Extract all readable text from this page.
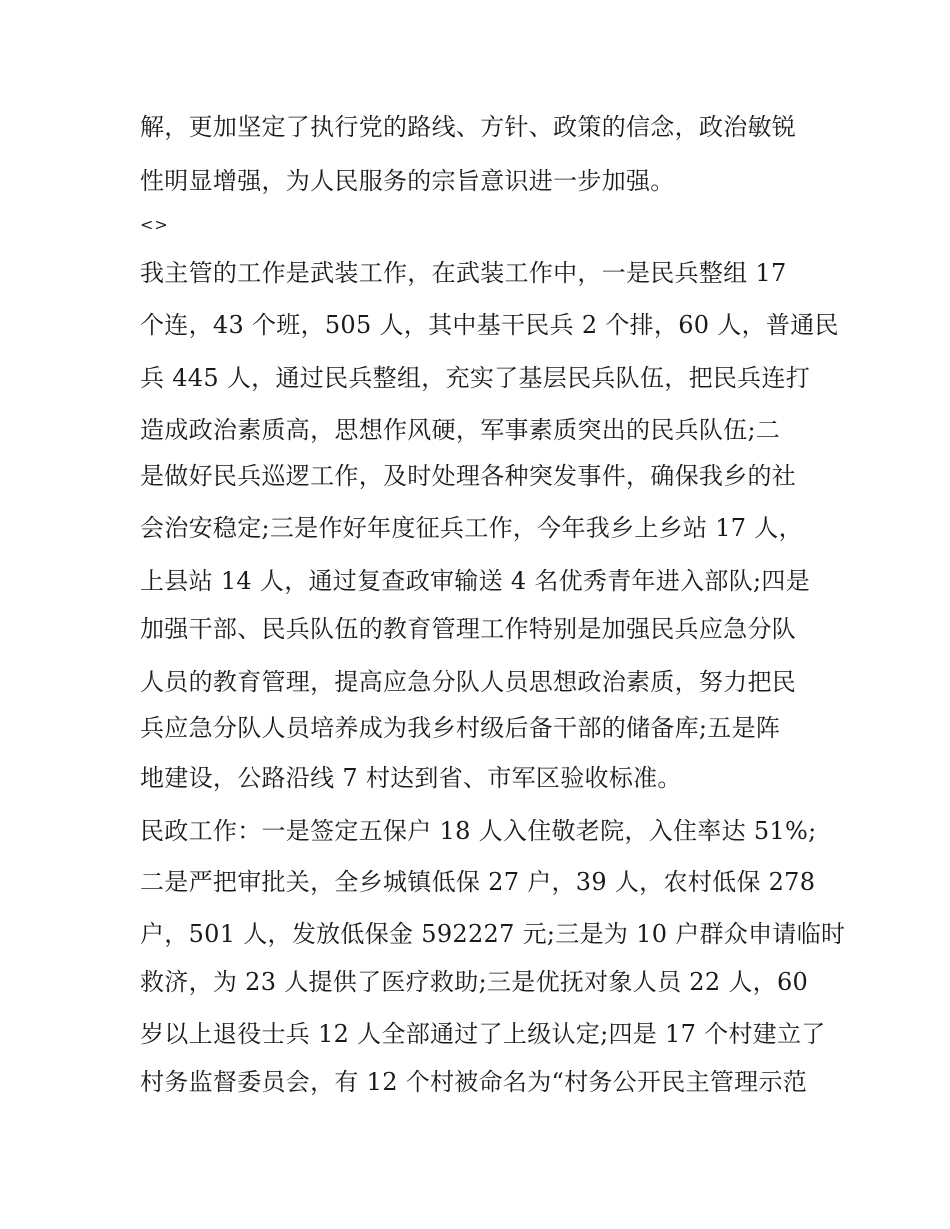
解，更加坚定了执行党的路线、方针、政策的信念，政治敏锐
性明显增强，为人民服务的宗旨意识进一步加强。
<>
我主管的工作是武装工作，在武装工作中，一是民兵整组 17
个连，43 个班，505 人，其中基干民兵 2 个排，60 人，普通民
兵 445 人，通过民兵整组，充实了基层民兵队伍，把民兵连打
造成政治素质高，思想作风硬，军事素质突出的民兵队伍;二
是做好民兵巡逻工作，及时处理各种突发事件，确保我乡的社
会治安稳定;三是作好年度征兵工作，今年我乡上乡站 17 人，
上县站 14 人，通过复查政审输送 4 名优秀青年进入部队;四是
加强干部、民兵队伍的教育管理工作特别是加强民兵应急分队
人员的教育管理，提高应急分队人员思想政治素质，努力把民
兵应急分队人员培养成为我乡村级后备干部的储备库;五是阵
地建设，公路沿线 7 村达到省、市军区验收标准。
民政工作：一是签定五保户 18 人入住敬老院，入住率达 51%;
二是严把审批关，全乡城镇低保 27 户，39 人，农村低保 278
户，501 人，发放低保金 592227 元;三是为 10 户群众申请临时
救济，为 23 人提供了医疗救助;三是优抚对象人员 22 人，60
岁以上退役士兵 12 人全部通过了上级认定;四是 17 个村建立了
村务监督委员会，有 12 个村被命名为“村务公开民主管理示范
